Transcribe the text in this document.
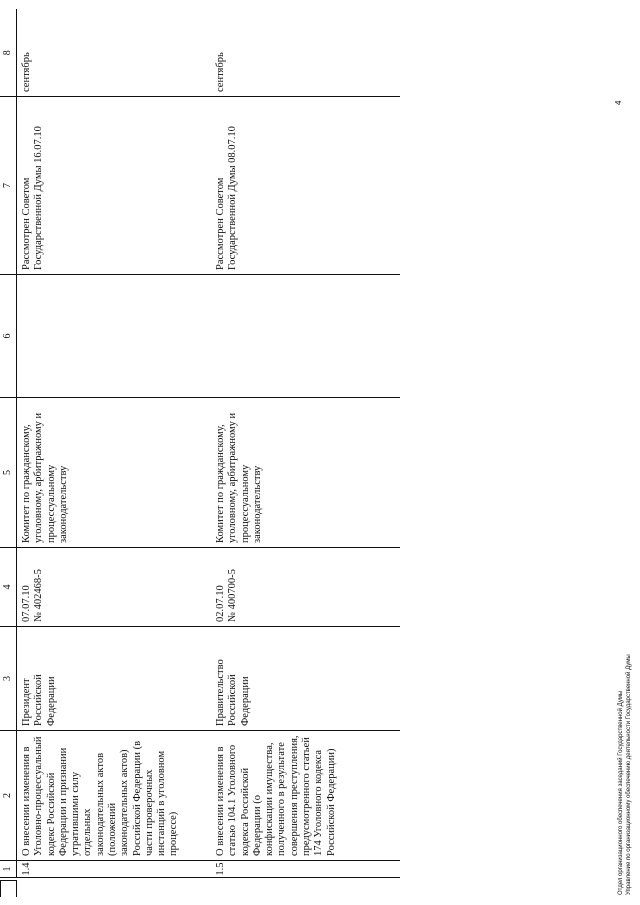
1	2	3	4	5	6	7	8
1.4	О внесении изменения в Уголовно-процессуальный кодекс Российской Федерации и признании утратившими силу отдельных законодательных актов (положений законодательных актов) Российской Федерации (в части проверочных инстанций в уголовном процессе)	Президент Российской Федерации	07.07.10 № 402468-5	Комитет по гражданскому, уголовному, арбитражному и процессуальному законодательству		Рассмотрен Советом Государственной Думы 16.07.10	сентябрь
1.5	О внесении изменения в статью 104.1 Уголовного кодекса Российской Федерации (о конфискации имущества, полученного в результате совершения преступления, предусмотренного статьей 174 Уголовного кодекса Российской Федерации)	Правительство Российской Федерации	02.07.10 № 400700-5	Комитет по гражданскому, уголовному, арбитражному и процессуальному законодательству		Рассмотрен Советом Государственной Думы 08.07.10	сентябрь
Отдел организационного обеспечения заседаний Государственной Думы Управление по организационному обеспечению деятельности Государственной Думы
4
